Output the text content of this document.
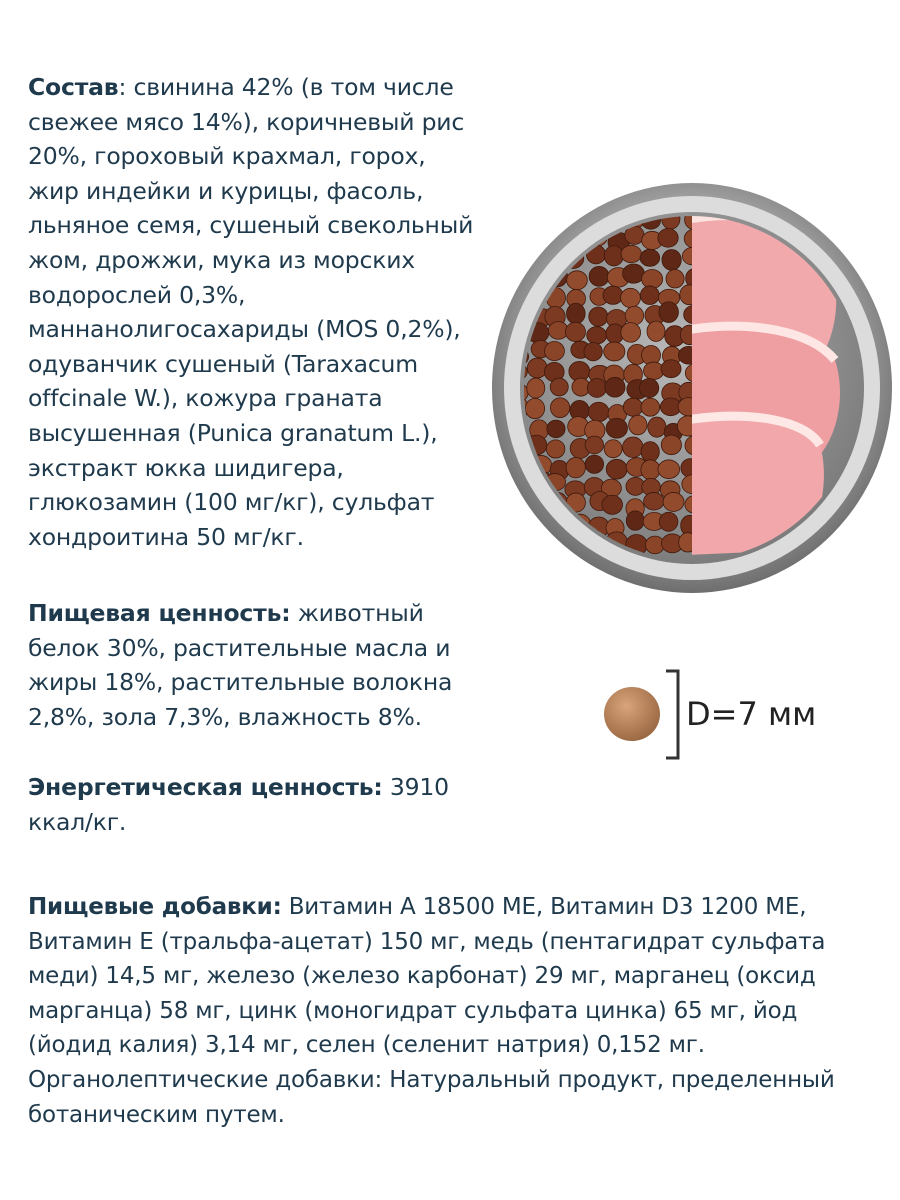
Состав: свинина 42% (в том числе
свежее мясо 14%), коричневый рис
20%, гороховый крахмал, горох,
жир индейки и курицы, фасоль,
льняное семя, сушеный свекольный
жом, дрожжи, мука из морских
водорослей 0,3%,
маннанолигосахариды (MOS 0,2%),
одуванчик сушеный (Taraxacum
offcinale W.), кожура граната
высушенная (Punica granatum L.),
экстракт юкка шидигера,
глюкозамин (100 мг/кг), сульфат
хондроитина 50 мг/кг.
Пищевая ценность: животный
белок 30%, растительные масла и
жиры 18%, растительные волокна
2,8%, зола 7,3%, влажность 8%.	D=7 мм
Энергетическая ценность: 3910
ккал/кг.
Пищевые добавки: Витамин А 18500 МЕ, Витамин D3 1200 МЕ,
Витамин Е (тральфа-ацетат) 150 мг, медь (пентагидрат сульфата
меди) 14,5 мг, железо (железо карбонат) 29 мг, марганец (оксид
марганца) 58 мг, цинк (моногидрат сульфата цинка) 65 мг, йод
(йодид калия) 3,14 мг, селен (селенит натрия) 0,152 мг.
Органолептические добавки: Натуральный продукт, пределенный
ботаническим путем.
